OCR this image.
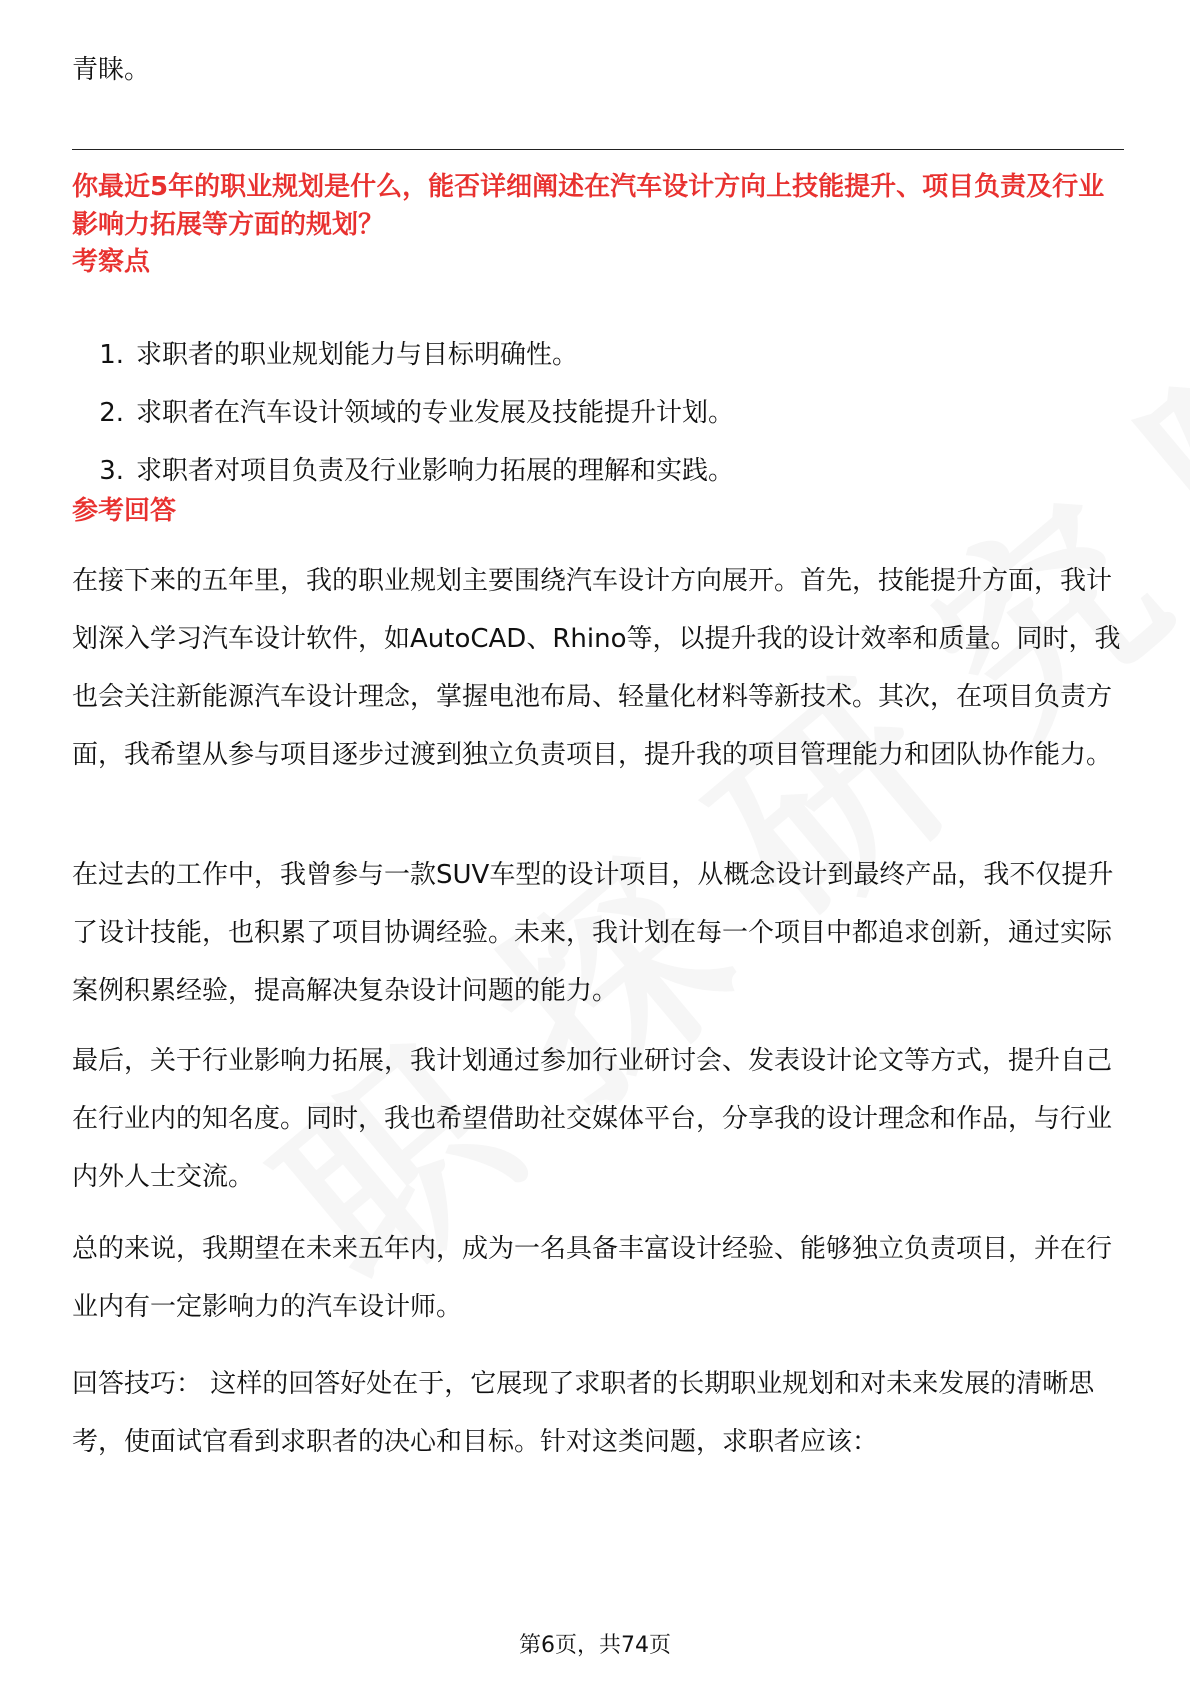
青睐。
你最近5年的职业规划是什么，能否详细阐述在汽车设计方向上技能提升、项目负责及行业影响力拓展等方面的规划？
考察点
1. 求职者的职业规划能力与目标明确性。
2. 求职者在汽车设计领域的专业发展及技能提升计划。
3. 求职者对项目负责及行业影响力拓展的理解和实践。
参考回答

在接下来的五年里，我的职业规划主要围绕汽车设计方向展开。首先，技能提升方面，我计划深入学习汽车设计软件，如AutoCAD、Rhino等，以提升我的设计效率和质量。同时，我也会关注新能源汽车设计理念，掌握电池布局、轻量化材料等新技术。其次，在项目负责方面，我希望从参与项目逐步过渡到独立负责项目，提升我的项目管理能力和团队协作能力。

在过去的工作中，我曾参与一款SUV车型的设计项目，从概念设计到最终产品，我不仅提升了设计技能，也积累了项目协调经验。未来，我计划在每一个项目中都追求创新，通过实际案例积累经验，提高解决复杂设计问题的能力。

最后，关于行业影响力拓展，我计划通过参加行业研讨会、发表设计论文等方式，提升自己在行业内的知名度。同时，我也希望借助社交媒体平台，分享我的设计理念和作品，与行业内外人士交流。

总的来说，我期望在未来五年内，成为一名具备丰富设计经验、能够独立负责项目，并在行业内有一定影响力的汽车设计师。

回答技巧： 这样的回答好处在于，它展现了求职者的长期职业规划和对未来发展的清晰思考，使面试官看到求职者的决心和目标。针对这类问题，求职者应该：

第6页，共74页
